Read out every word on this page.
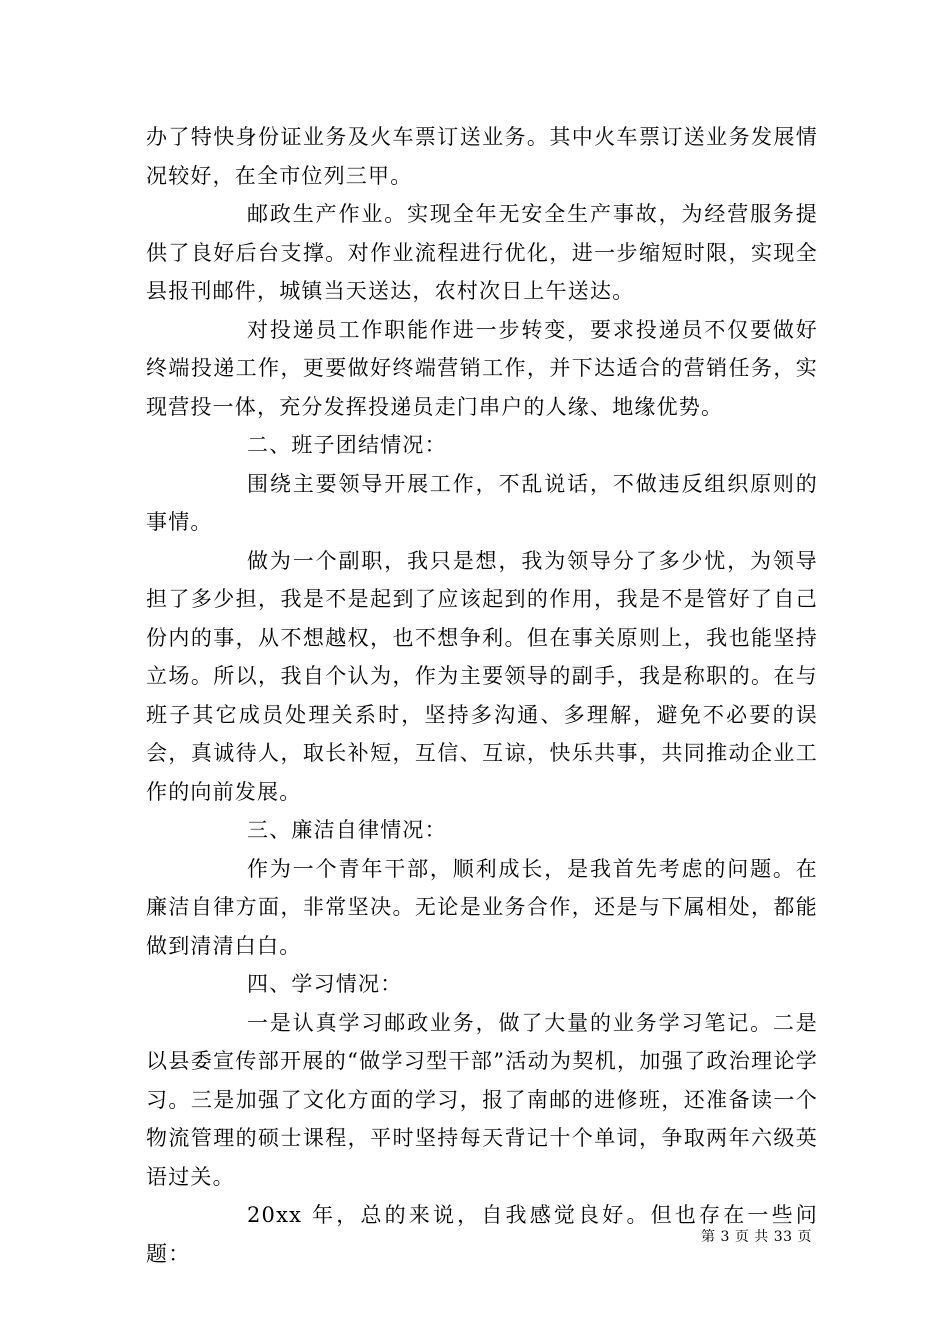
办了特快身份证业务及火车票订送业务。其中火车票订送业务发展情况较好，在全市位列三甲。

邮政生产作业。实现全年无安全生产事故，为经营服务提供了良好后台支撑。对作业流程进行优化，进一步缩短时限，实现全县报刊邮件，城镇当天送达，农村次日上午送达。

对投递员工作职能作进一步转变，要求投递员不仅要做好终端投递工作，更要做好终端营销工作，并下达适合的营销任务，实现营投一体，充分发挥投递员走门串户的人缘、地缘优势。

二、班子团结情况：

围绕主要领导开展工作，不乱说话，不做违反组织原则的事情。

做为一个副职，我只是想，我为领导分了多少忧，为领导担了多少担，我是不是起到了应该起到的作用，我是不是管好了自己份内的事，从不想越权，也不想争利。但在事关原则上，我也能坚持立场。所以，我自个认为，作为主要领导的副手，我是称职的。在与班子其它成员处理关系时，坚持多沟通、多理解，避免不必要的误会，真诚待人，取长补短，互信、互谅，快乐共事，共同推动企业工作的向前发展。

三、廉洁自律情况：

作为一个青年干部，顺利成长，是我首先考虑的问题。在廉洁自律方面，非常坚决。无论是业务合作，还是与下属相处，都能做到清清白白。

四、学习情况：

一是认真学习邮政业务，做了大量的业务学习笔记。二是以县委宣传部开展的“做学习型干部”活动为契机，加强了政治理论学习。三是加强了文化方面的学习，报了南邮的进修班，还准备读一个物流管理的硕士课程，平时坚持每天背记十个单词，争取两年六级英语过关。

20xx 年，总的来说，自我感觉良好。但也存在一些问题：

第 3 页 共 33 页
